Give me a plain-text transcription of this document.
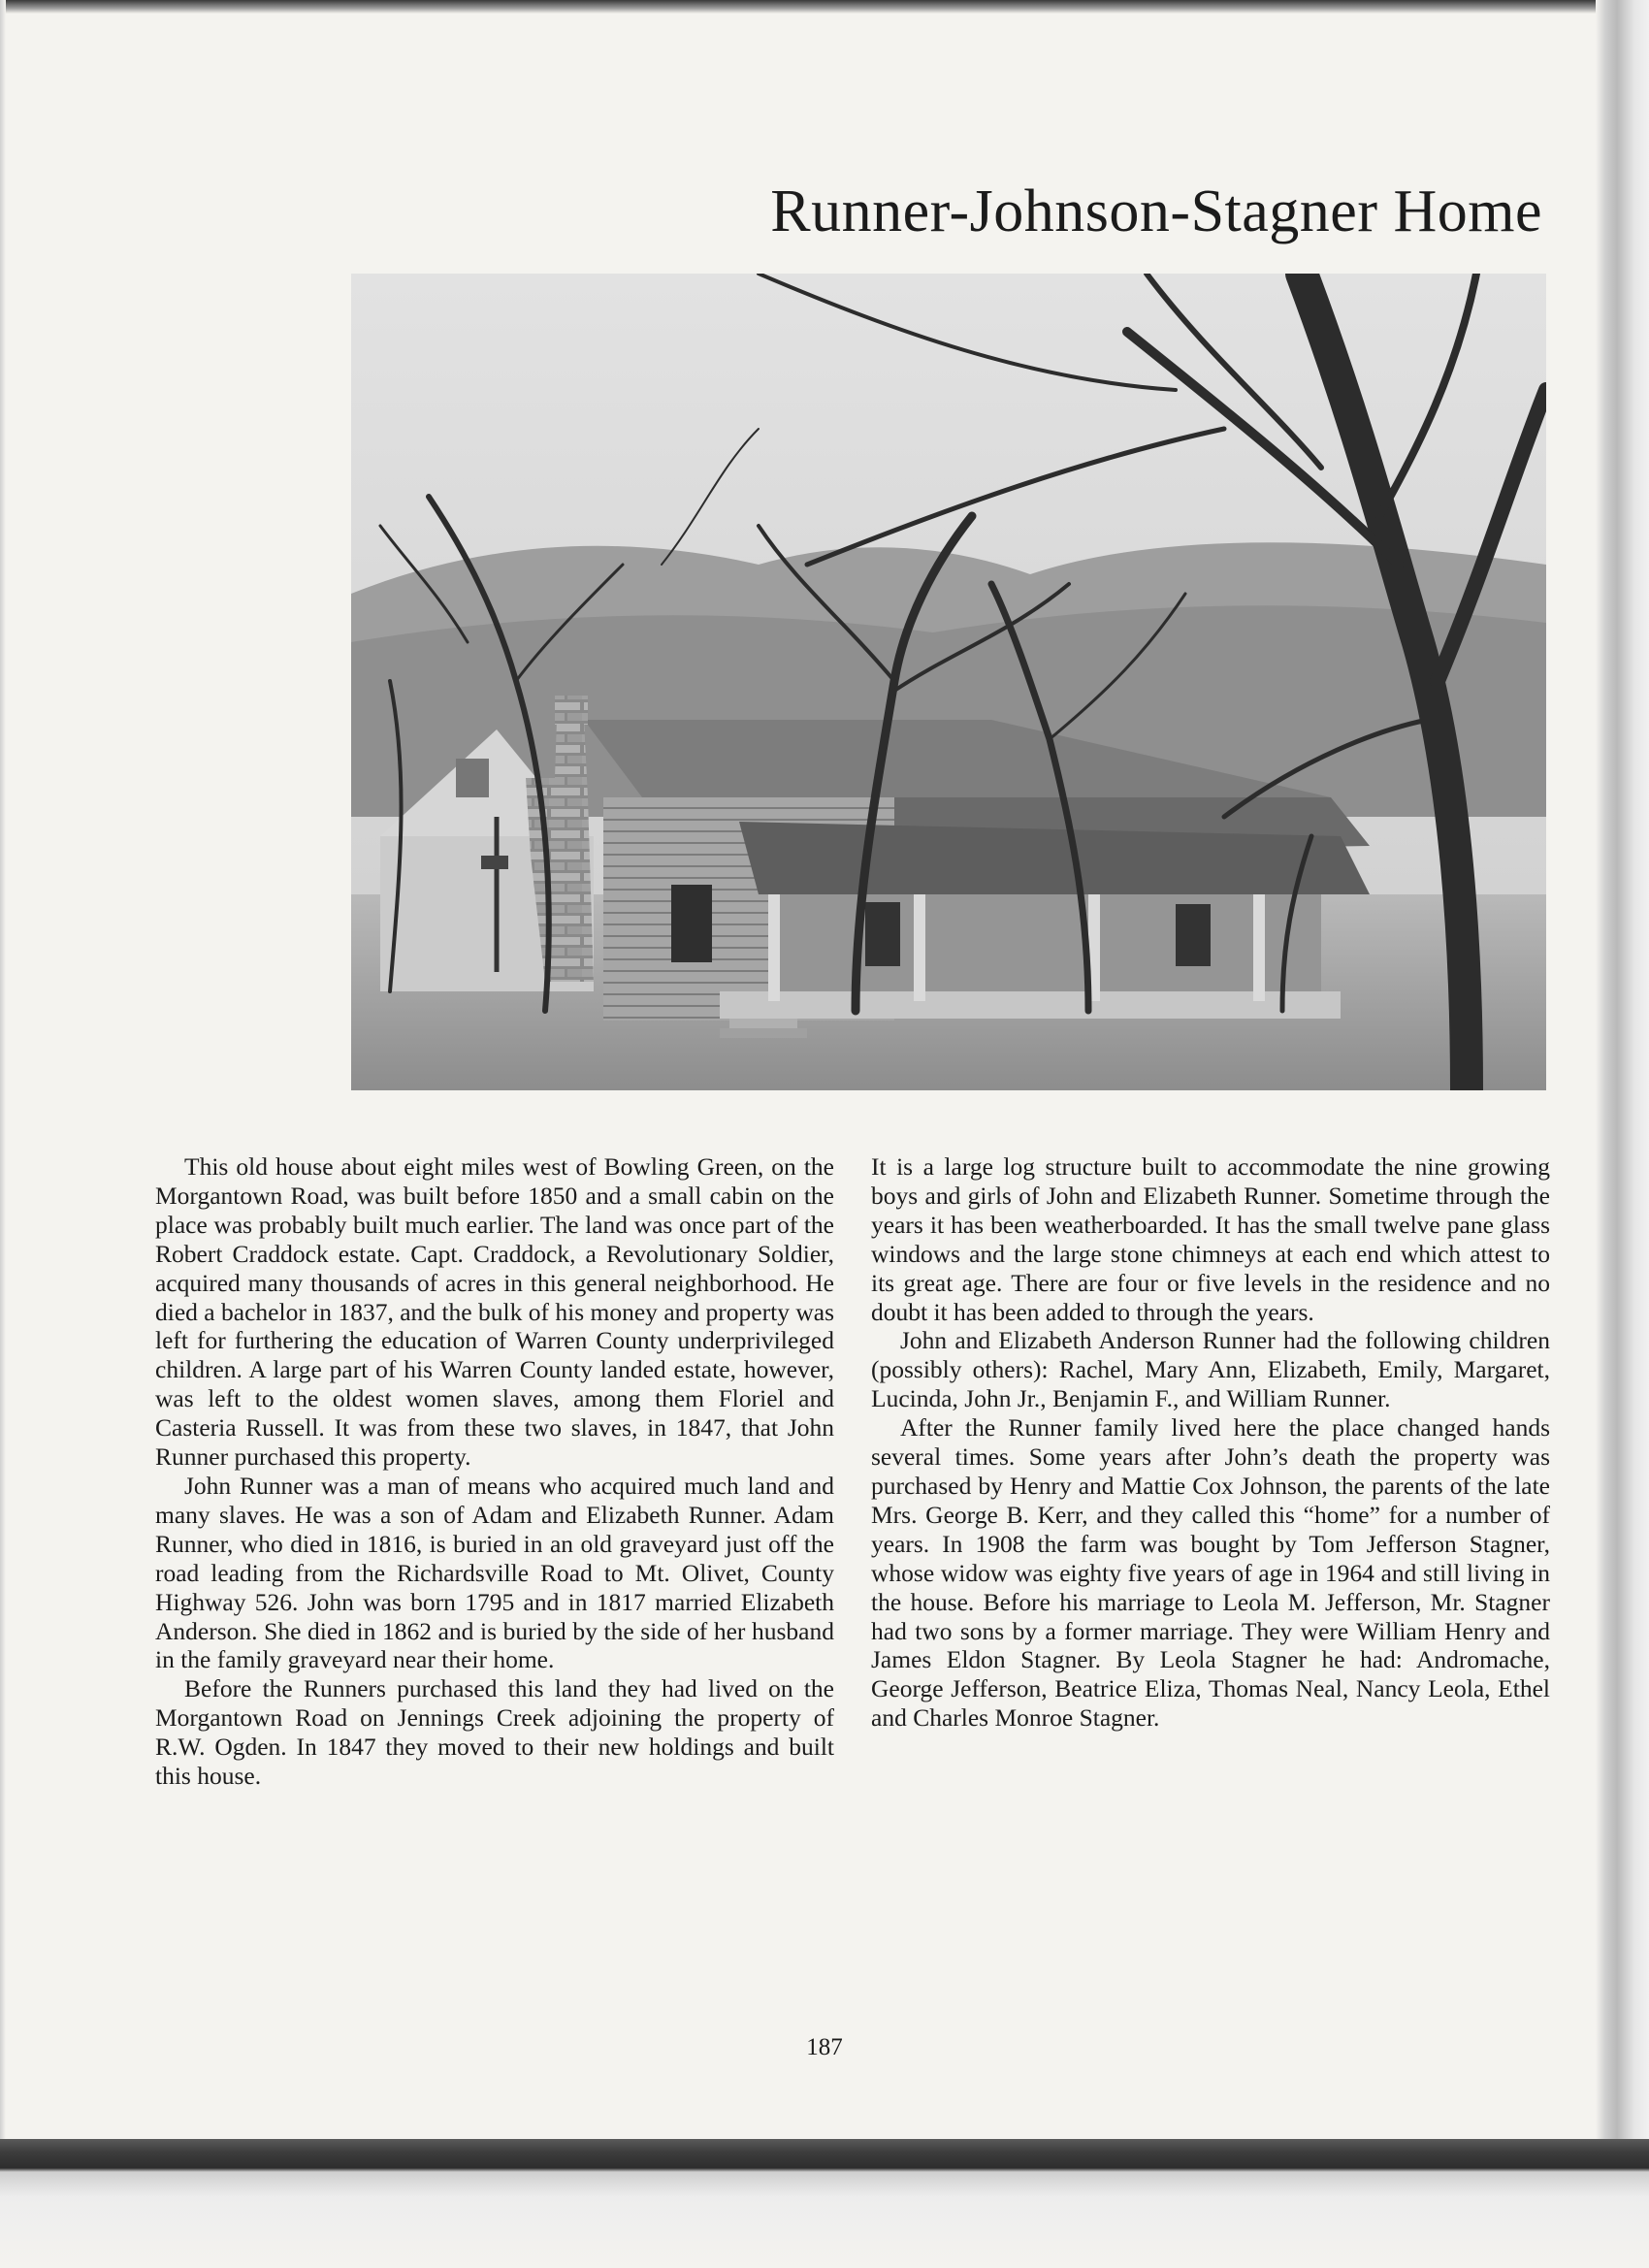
Runner-Johnson-Stagner Home

This old house about eight miles west of Bowling Green, on the Morgantown Road, was built before 1850 and a small cabin on the place was probably built much earlier. The land was once part of the Robert Craddock estate. Capt. Craddock, a Revolutionary Soldier, acquired many thousands of acres in this general neighborhood. He died a bachelor in 1837, and the bulk of his money and property was left for furthering the education of Warren County underprivileged children. A large part of his Warren County landed estate, however, was left to the oldest women slaves, among them Floriel and Casteria Russell. It was from these two slaves, in 1847, that John Runner purchased this property.

John Runner was a man of means who acquired much land and many slaves. He was a son of Adam and Elizabeth Runner. Adam Runner, who died in 1816, is buried in an old graveyard just off the road leading from the Richardsville Road to Mt. Olivet, County Highway 526. John was born 1795 and in 1817 married Elizabeth Anderson. She died in 1862 and is buried by the side of her husband in the family graveyard near their home.

Before the Runners purchased this land they had lived on the Morgantown Road on Jennings Creek adjoining the property of R.W. Ogden. In 1847 they moved to their new holdings and built this house.

It is a large log structure built to accommodate the nine growing boys and girls of John and Elizabeth Runner. Sometime through the years it has been weatherboarded. It has the small twelve pane glass windows and the large stone chimneys at each end which attest to its great age. There are four or five levels in the residence and no doubt it has been added to through the years.

John and Elizabeth Anderson Runner had the following children (possibly others): Rachel, Mary Ann, Elizabeth, Emily, Margaret, Lucinda, John Jr., Benjamin F., and William Runner.

After the Runner family lived here the place changed hands several times. Some years after John’s death the property was purchased by Henry and Mattie Cox Johnson, the parents of the late Mrs. George B. Kerr, and they called this “home” for a number of years. In 1908 the farm was bought by Tom Jefferson Stagner, whose widow was eighty five years of age in 1964 and still living in the house. Before his marriage to Leola M. Jefferson, Mr. Stagner had two sons by a former marriage. They were William Henry and James Eldon Stagner. By Leola Stagner he had: Andromache, George Jefferson, Beatrice Eliza, Thomas Neal, Nancy Leola, Ethel and Charles Monroe Stagner.

187
